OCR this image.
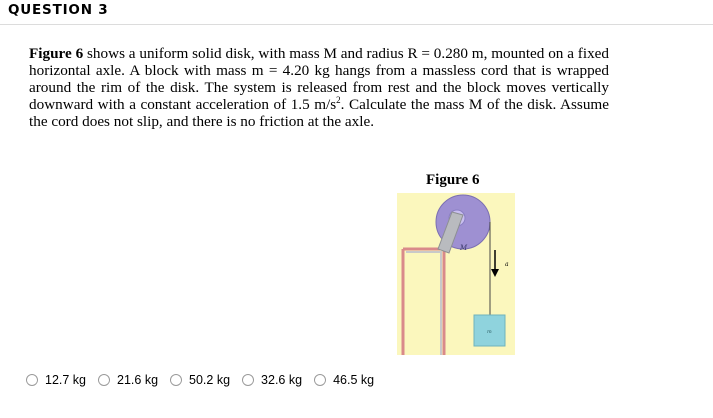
QUESTION 3
Figure 6 shows a uniform solid disk, with mass M and radius R = 0.280 m, mounted on a fixed horizontal axle. A block with mass m = 4.20 kg hangs from a massless cord that is wrapped around the rim of the disk. The system is released from rest and the block moves vertically downward with a constant acceleration of 1.5 $m/s^2$. Calculate the mass M of the disk. Assume the cord does not slip, and there is no friction at the axle.
Figure 6
M
a
m
12.7 kg 21.6 kg 50.2 kg 32.6 kg 46.5 kg
